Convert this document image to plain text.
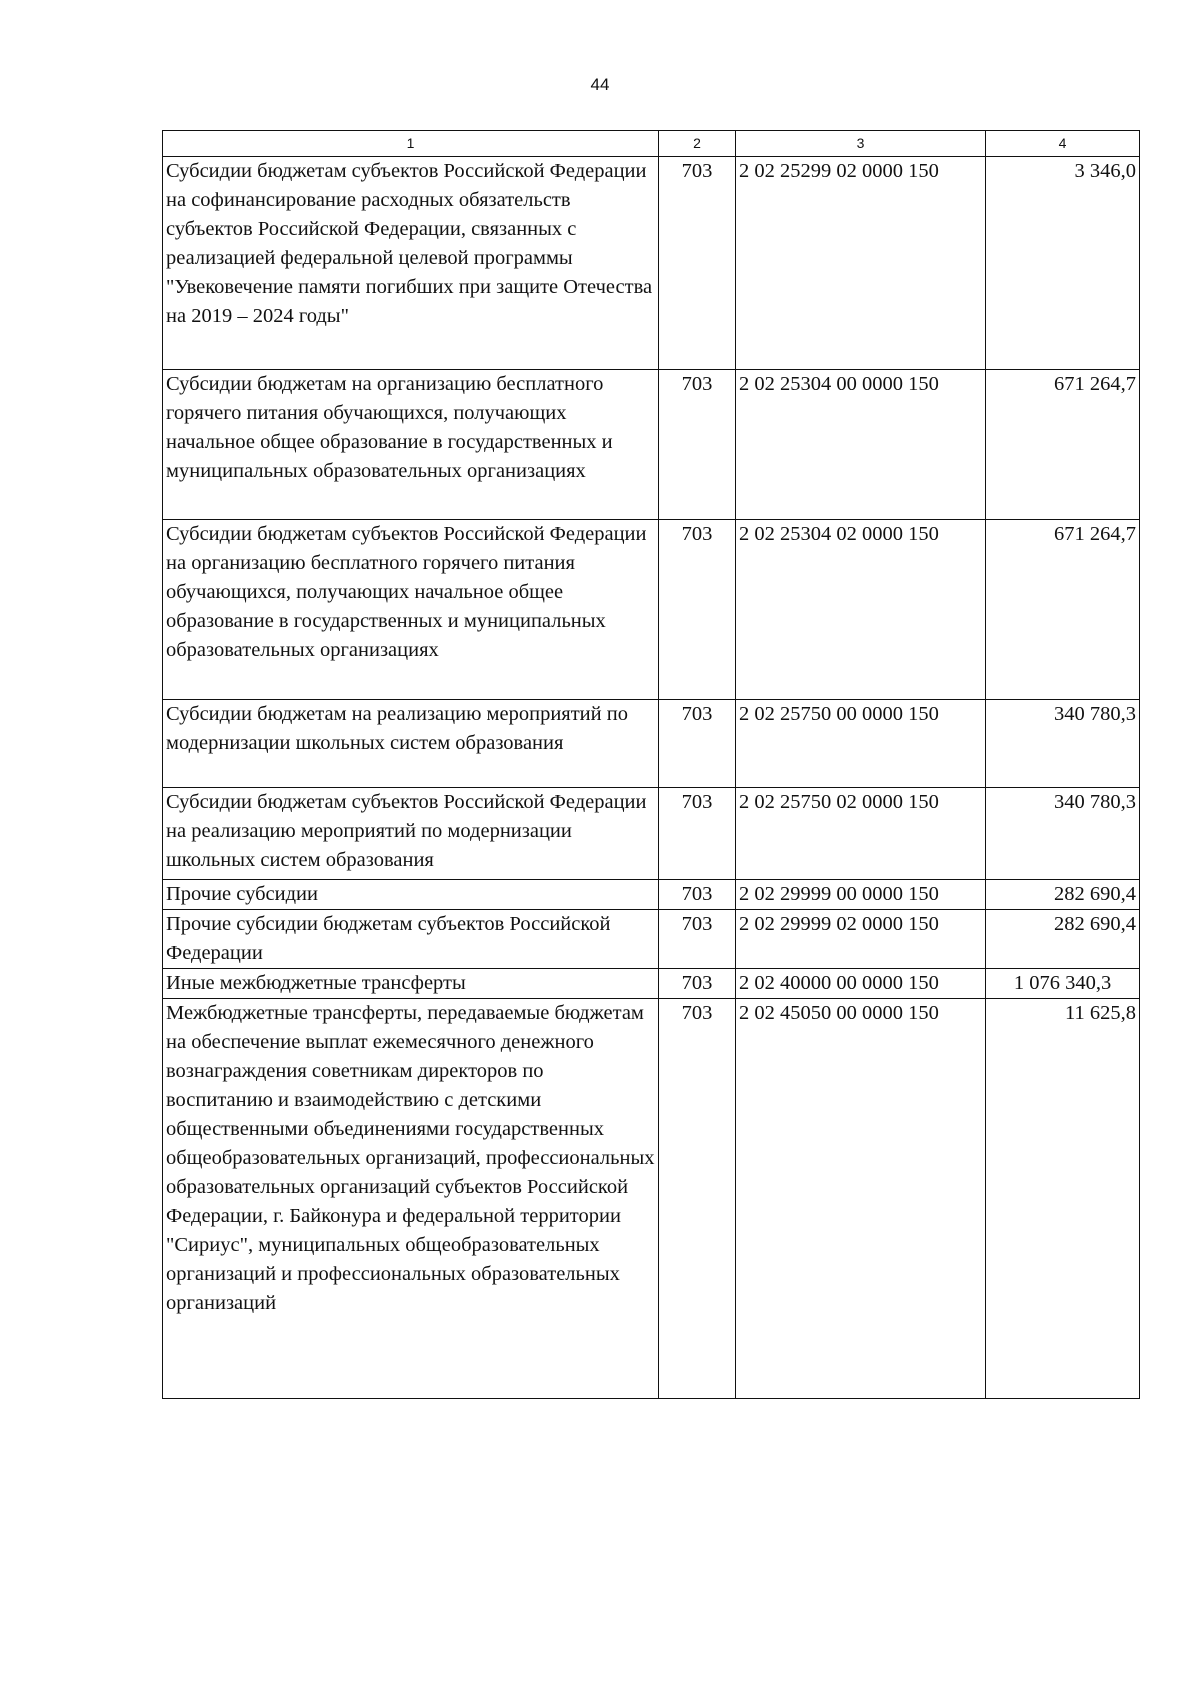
44
1	2	3	4
Субсидии бюджетам субъектов Российской Федерации на софинансирование расходных обязательств субъектов Российской Федерации, связанных с реализацией федеральной целевой программы "Увековечение памяти погибших при защите Отечества на 2019 – 2024 годы"	703	2 02 25299 02 0000 150	3 346,0
Субсидии бюджетам на организацию бесплатного горячего питания обучающихся, получающих начальное общее образование в государственных и муниципальных образовательных организациях	703	2 02 25304 00 0000 150	671 264,7
Субсидии бюджетам субъектов Российской Федерации на организацию бесплатного горячего питания обучающихся, получающих начальное общее образование в государственных и муниципальных образовательных организациях	703	2 02 25304 02 0000 150	671 264,7
Субсидии бюджетам на реализацию мероприятий по модернизации школьных систем образования	703	2 02 25750 00 0000 150	340 780,3
Субсидии бюджетам субъектов Российской Федерации на реализацию мероприятий по модернизации школьных систем образования	703	2 02 25750 02 0000 150	340 780,3
Прочие субсидии	703	2 02 29999 00 0000 150	282 690,4
Прочие субсидии бюджетам субъектов Российской Федерации	703	2 02 29999 02 0000 150	282 690,4
Иные межбюджетные трансферты	703	2 02 40000 00 0000 150	1 076 340,3
Межбюджетные трансферты, передаваемые бюджетам на обеспечение выплат ежемесячного денежного вознаграждения советникам директоров по воспитанию и взаимодействию с детскими общественными объединениями государственных общеобразовательных организаций, профессиональных образовательных организаций субъектов Российской Федерации, г. Байконура и федеральной территории "Сириус", муниципальных общеобразовательных организаций и профессиональных образовательных организаций	703	2 02 45050 00 0000 150	11 625,8
